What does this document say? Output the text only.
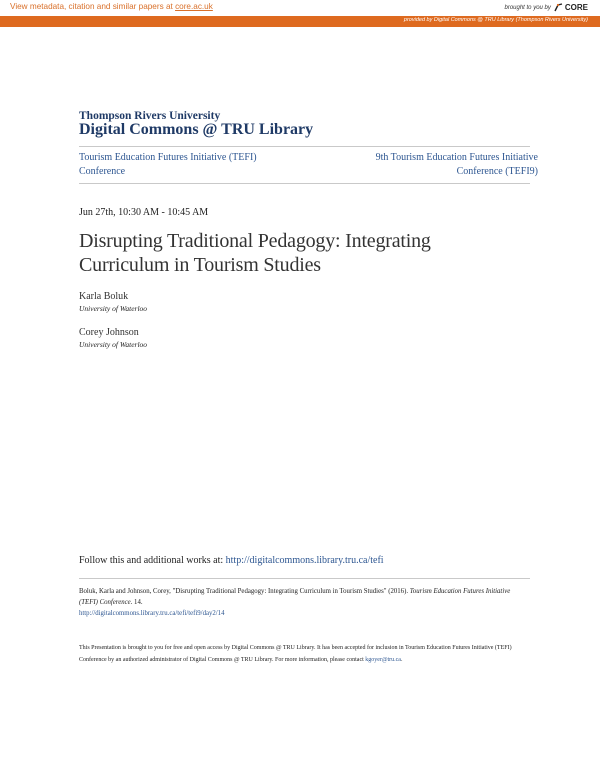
View metadata, citation and similar papers at core.ac.uk	brought to you by CORE
provided by Digital Commons @ TRU Library (Thompson Rivers University)
Thompson Rivers University
Digital Commons @ TRU Library
Tourism Education Futures Initiative (TEFI) Conference
9th Tourism Education Futures Initiative Conference (TEFI9)
Jun 27th, 10:30 AM - 10:45 AM
Disrupting Traditional Pedagogy: Integrating Curriculum in Tourism Studies
Karla Boluk
University of Waterloo
Corey Johnson
University of Waterloo
Follow this and additional works at: http://digitalcommons.library.tru.ca/tefi
Boluk, Karla and Johnson, Corey, "Disrupting Traditional Pedagogy: Integrating Curriculum in Tourism Studies" (2016). Tourism Education Futures Initiative (TEFI) Conference. 14.
http://digitalcommons.library.tru.ca/tefi/tefi9/day2/14
This Presentation is brought to you for free and open access by Digital Commons @ TRU Library. It has been accepted for inclusion in Tourism Education Futures Initiative (TEFI) Conference by an authorized administrator of Digital Commons @ TRU Library. For more information, please contact kgoyer@tru.ca.
